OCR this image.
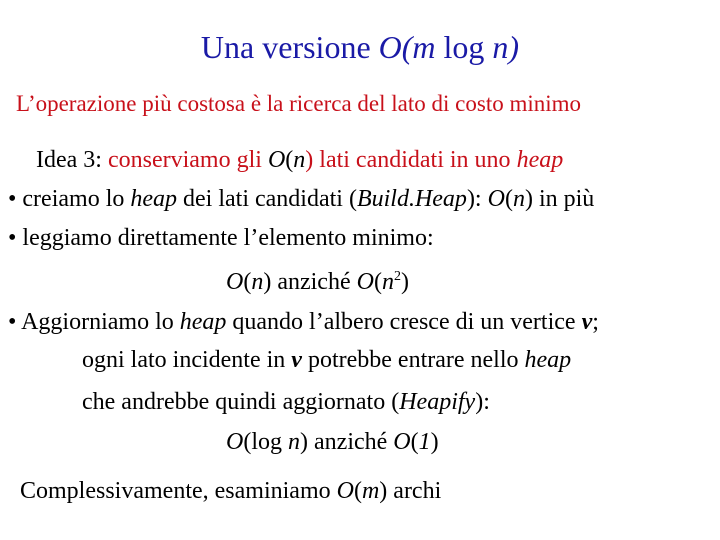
Una versione O(m log n)
L’operazione più costosa è la ricerca del lato di costo minimo
Idea 3: conserviamo gli O(n) lati candidati in uno heap
• creiamo lo heap dei lati candidati (Build.Heap): O(n) in più
• leggiamo direttamente l’elemento minimo:
O(n) anziché $O(n^2)$
• Aggiorniamo lo heap quando l’albero cresce di un vertice v;
ogni lato incidente in v potrebbe entrare nello heap
che andrebbe quindi aggiornato (Heapify):
O(log n) anziché O(1)
Complessivamente, esaminiamo O(m) archi
